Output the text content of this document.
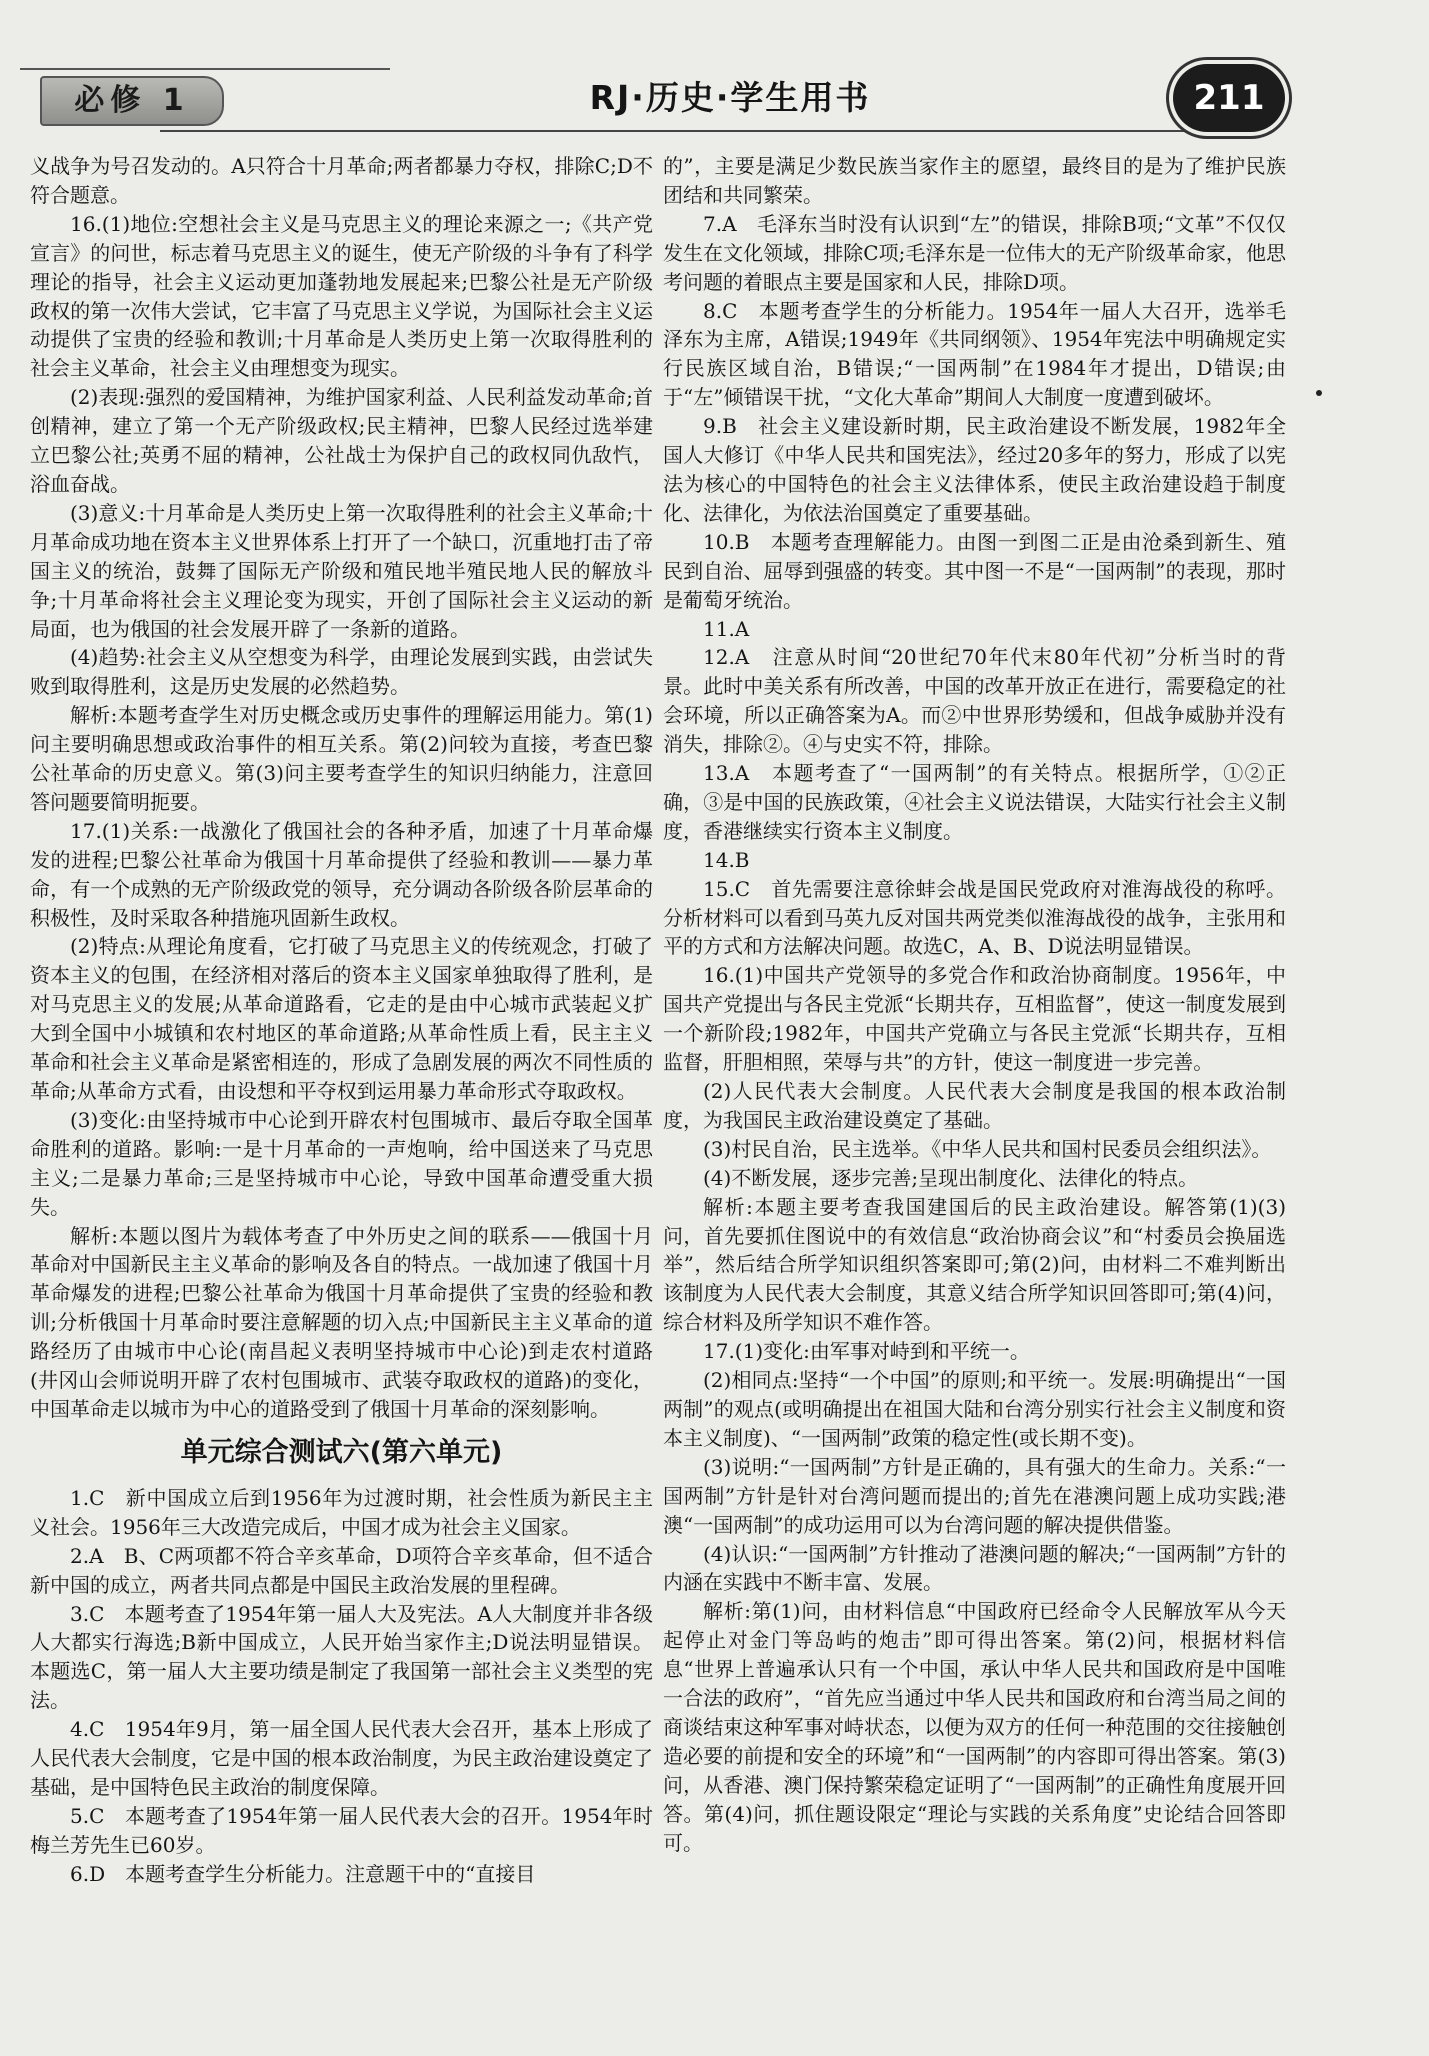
必修 1	RJ·历史·学生用书	211

义战争为号召发动的。A只符合十月革命;两者都暴力夺权，排除C;D不符合题意。

16.(1)地位:空想社会主义是马克思主义的理论来源之一;《共产党宣言》的问世，标志着马克思主义的诞生，使无产阶级的斗争有了科学理论的指导，社会主义运动更加蓬勃地发展起来;巴黎公社是无产阶级政权的第一次伟大尝试，它丰富了马克思主义学说，为国际社会主义运动提供了宝贵的经验和教训;十月革命是人类历史上第一次取得胜利的社会主义革命，社会主义由理想变为现实。

(2)表现:强烈的爱国精神，为维护国家利益、人民利益发动革命;首创精神，建立了第一个无产阶级政权;民主精神，巴黎人民经过选举建立巴黎公社;英勇不屈的精神，公社战士为保护自己的政权同仇敌忾，浴血奋战。

(3)意义:十月革命是人类历史上第一次取得胜利的社会主义革命;十月革命成功地在资本主义世界体系上打开了一个缺口，沉重地打击了帝国主义的统治，鼓舞了国际无产阶级和殖民地半殖民地人民的解放斗争;十月革命将社会主义理论变为现实，开创了国际社会主义运动的新局面，也为俄国的社会发展开辟了一条新的道路。

(4)趋势:社会主义从空想变为科学，由理论发展到实践，由尝试失败到取得胜利，这是历史发展的必然趋势。

解析:本题考查学生对历史概念或历史事件的理解运用能力。第(1)问主要明确思想或政治事件的相互关系。第(2)问较为直接，考查巴黎公社革命的历史意义。第(3)问主要考查学生的知识归纳能力，注意回答问题要简明扼要。

17.(1)关系:一战激化了俄国社会的各种矛盾，加速了十月革命爆发的进程;巴黎公社革命为俄国十月革命提供了经验和教训——暴力革命，有一个成熟的无产阶级政党的领导，充分调动各阶级各阶层革命的积极性，及时采取各种措施巩固新生政权。

(2)特点:从理论角度看，它打破了马克思主义的传统观念，打破了资本主义的包围，在经济相对落后的资本主义国家单独取得了胜利，是对马克思主义的发展;从革命道路看，它走的是由中心城市武装起义扩大到全国中小城镇和农村地区的革命道路;从革命性质上看，民主主义革命和社会主义革命是紧密相连的，形成了急剧发展的两次不同性质的革命;从革命方式看，由设想和平夺权到运用暴力革命形式夺取政权。

(3)变化:由坚持城市中心论到开辟农村包围城市、最后夺取全国革命胜利的道路。影响:一是十月革命的一声炮响，给中国送来了马克思主义;二是暴力革命;三是坚持城市中心论，导致中国革命遭受重大损失。

解析:本题以图片为载体考查了中外历史之间的联系——俄国十月革命对中国新民主主义革命的影响及各自的特点。一战加速了俄国十月革命爆发的进程;巴黎公社革命为俄国十月革命提供了宝贵的经验和教训;分析俄国十月革命时要注意解题的切入点;中国新民主主义革命的道路经历了由城市中心论(南昌起义表明坚持城市中心论)到走农村道路(井冈山会师说明开辟了农村包围城市、武装夺取政权的道路)的变化，中国革命走以城市为中心的道路受到了俄国十月革命的深刻影响。

单元综合测试六(第六单元)

1.C　新中国成立后到1956年为过渡时期，社会性质为新民主主义社会。1956年三大改造完成后，中国才成为社会主义国家。

2.A　B、C两项都不符合辛亥革命，D项符合辛亥革命，但不适合新中国的成立，两者共同点都是中国民主政治发展的里程碑。

3.C　本题考查了1954年第一届人大及宪法。A人大制度并非各级人大都实行海选;B新中国成立，人民开始当家作主;D说法明显错误。本题选C，第一届人大主要功绩是制定了我国第一部社会主义类型的宪法。

4.C　1954年9月，第一届全国人民代表大会召开，基本上形成了人民代表大会制度，它是中国的根本政治制度，为民主政治建设奠定了基础，是中国特色民主政治的制度保障。

5.C　本题考查了1954年第一届人民代表大会的召开。1954年时梅兰芳先生已60岁。

6.D　本题考查学生分析能力。注意题干中的“直接目

的”，主要是满足少数民族当家作主的愿望，最终目的是为了维护民族团结和共同繁荣。

7.A　毛泽东当时没有认识到“左”的错误，排除B项;“文革”不仅仅发生在文化领域，排除C项;毛泽东是一位伟大的无产阶级革命家，他思考问题的着眼点主要是国家和人民，排除D项。

8.C　本题考查学生的分析能力。1954年一届人大召开，选举毛泽东为主席，A错误;1949年《共同纲领》、1954年宪法中明确规定实行民族区域自治，B错误;“一国两制”在1984年才提出，D错误;由于“左”倾错误干扰，“文化大革命”期间人大制度一度遭到破坏。

9.B　社会主义建设新时期，民主政治建设不断发展，1982年全国人大修订《中华人民共和国宪法》，经过20多年的努力，形成了以宪法为核心的中国特色的社会主义法律体系，使民主政治建设趋于制度化、法律化，为依法治国奠定了重要基础。

10.B　本题考查理解能力。由图一到图二正是由沧桑到新生、殖民到自治、屈辱到强盛的转变。其中图一不是“一国两制”的表现，那时是葡萄牙统治。

11.A

12.A　注意从时间“20世纪70年代末80年代初”分析当时的背景。此时中美关系有所改善，中国的改革开放正在进行，需要稳定的社会环境，所以正确答案为A。而②中世界形势缓和，但战争威胁并没有消失，排除②。④与史实不符，排除。

13.A　本题考查了“一国两制”的有关特点。根据所学，①②正确，③是中国的民族政策，④社会主义说法错误，大陆实行社会主义制度，香港继续实行资本主义制度。

14.B

15.C　首先需要注意徐蚌会战是国民党政府对淮海战役的称呼。分析材料可以看到马英九反对国共两党类似淮海战役的战争，主张用和平的方式和方法解决问题。故选C，A、B、D说法明显错误。

16.(1)中国共产党领导的多党合作和政治协商制度。1956年，中国共产党提出与各民主党派“长期共存，互相监督”，使这一制度发展到一个新阶段;1982年，中国共产党确立与各民主党派“长期共存，互相监督，肝胆相照，荣辱与共”的方针，使这一制度进一步完善。

(2)人民代表大会制度。人民代表大会制度是我国的根本政治制度，为我国民主政治建设奠定了基础。

(3)村民自治，民主选举。《中华人民共和国村民委员会组织法》。

(4)不断发展，逐步完善;呈现出制度化、法律化的特点。

解析:本题主要考查我国建国后的民主政治建设。解答第(1)(3)问，首先要抓住图说中的有效信息“政治协商会议”和“村委员会换届选举”，然后结合所学知识组织答案即可;第(2)问，由材料二不难判断出该制度为人民代表大会制度，其意义结合所学知识回答即可;第(4)问，综合材料及所学知识不难作答。

17.(1)变化:由军事对峙到和平统一。

(2)相同点:坚持“一个中国”的原则;和平统一。发展:明确提出“一国两制”的观点(或明确提出在祖国大陆和台湾分别实行社会主义制度和资本主义制度)、“一国两制”政策的稳定性(或长期不变)。

(3)说明:“一国两制”方针是正确的，具有强大的生命力。关系:“一国两制”方针是针对台湾问题而提出的;首先在港澳问题上成功实践;港澳“一国两制”的成功运用可以为台湾问题的解决提供借鉴。

(4)认识:“一国两制”方针推动了港澳问题的解决;“一国两制”方针的内涵在实践中不断丰富、发展。

解析:第(1)问，由材料信息“中国政府已经命令人民解放军从今天起停止对金门等岛屿的炮击”即可得出答案。第(2)问，根据材料信息“世界上普遍承认只有一个中国，承认中华人民共和国政府是中国唯一合法的政府”，“首先应当通过中华人民共和国政府和台湾当局之间的商谈结束这种军事对峙状态，以便为双方的任何一种范围的交往接触创造必要的前提和安全的环境”和“一国两制”的内容即可得出答案。第(3)问，从香港、澳门保持繁荣稳定证明了“一国两制”的正确性角度展开回答。第(4)问，抓住题设限定“理论与实践的关系角度”史论结合回答即可。
